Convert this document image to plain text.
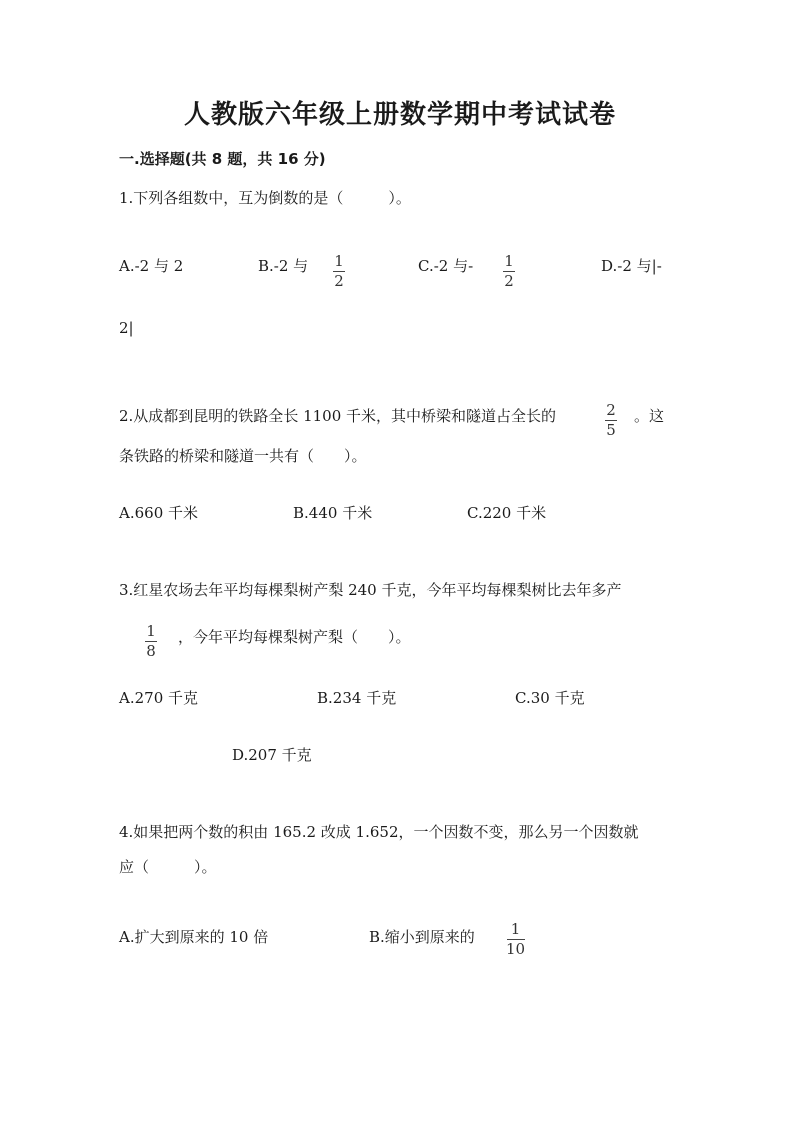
人教版六年级上册数学期中考试试卷
一.选择题(共 8 题，共 16 分)
1.下列各组数中，互为倒数的是（　　　）。
A.-2 与 2	B.-2 与 1
2
C.-2 与- 1
2
D.-2 与|-
2|
2.从成都到昆明的铁路全长 1100 千米，其中桥梁和隧道占全长的	2
5
。这
条铁路的桥梁和隧道一共有（　　）。
A.660 千米	B.440 千米	C.220 千米
3.红星农场去年平均每棵梨树产梨 240 千克，今年平均每棵梨树比去年多产
1
8
，今年平均每棵梨树产梨（　　）。
A.270 千克	B.234 千克	C.30 千克
D.207 千克
4.如果把两个数的积由 165.2 改成 1.652，一个因数不变，那么另一个因数就
应（　　　）。
A.扩大到原来的 10 倍	B.缩小到原来的 1
10
